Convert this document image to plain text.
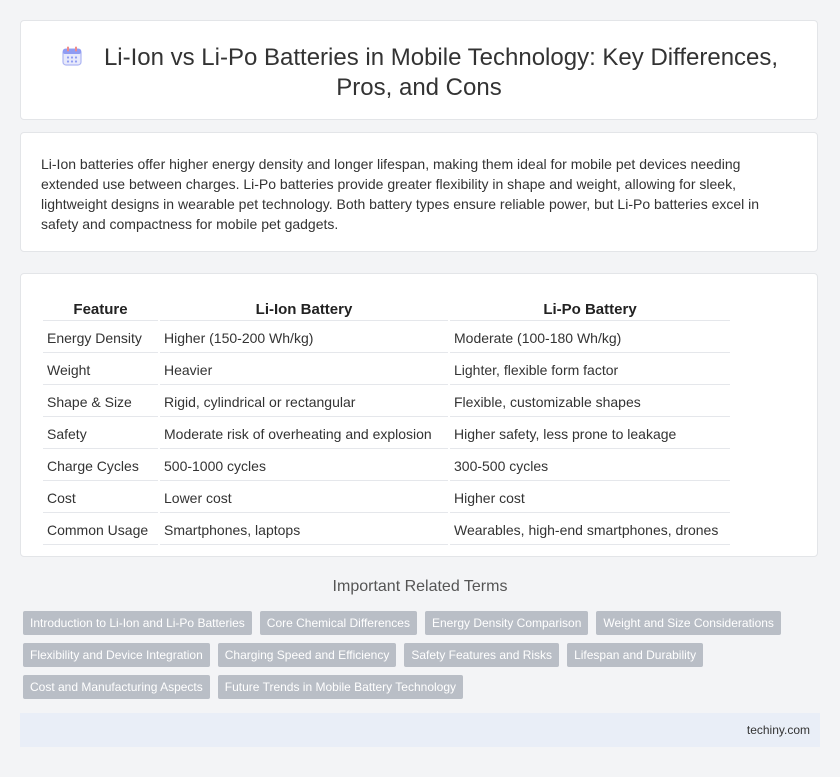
Li-Ion vs Li-Po Batteries in Mobile Technology: Key Differences,
Pros, and Cons

Li-Ion batteries offer higher energy density and longer lifespan, making them ideal for mobile pet devices needing extended use between charges. Li-Po batteries provide greater flexibility in shape and weight, allowing for sleek, lightweight designs in wearable pet technology. Both battery types ensure reliable power, but Li-Po batteries excel in safety and compactness for mobile pet gadgets.

Feature	Li-Ion Battery	Li-Po Battery
Energy Density	Higher (150-200 Wh/kg)	Moderate (100-180 Wh/kg)
Weight	Heavier	Lighter, flexible form factor
Shape & Size	Rigid, cylindrical or rectangular	Flexible, customizable shapes
Safety	Moderate risk of overheating and explosion	Higher safety, less prone to leakage
Charge Cycles	500-1000 cycles	300-500 cycles
Cost	Lower cost	Higher cost
Common Usage	Smartphones, laptops	Wearables, high-end smartphones, drones
Important Related Terms
Introduction to Li-Ion and Li-Po Batteries	Core Chemical Differences	Energy Density Comparison	Weight and Size Considerations
Flexibility and Device Integration	Charging Speed and Efficiency	Safety Features and Risks	Lifespan and Durability
Cost and Manufacturing Aspects	Future Trends in Mobile Battery Technology
techiny.com
